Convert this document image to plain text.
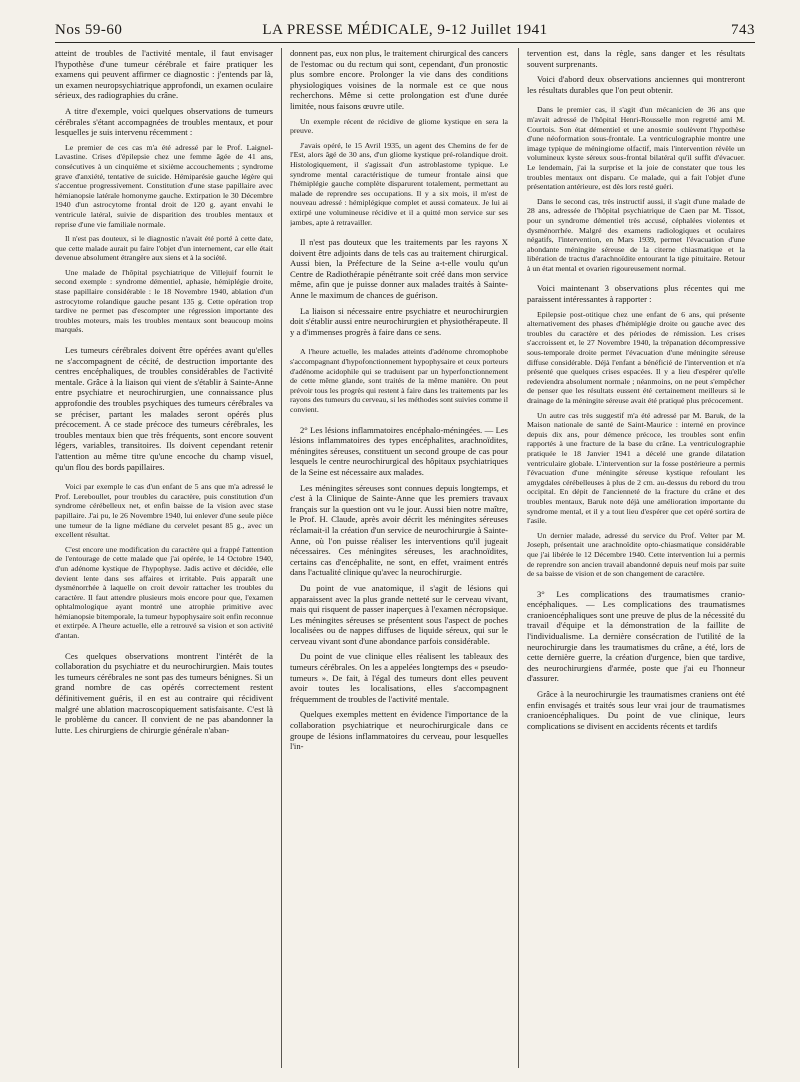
Nos 59-60	LA PRESSE MÉDICALE, 9-12 Juillet 1941	743

atteint de troubles de l'activité mentale, il faut envisager l'hypothèse d'une tumeur cérébrale et faire pratiquer les examens qui peuvent affirmer ce diagnostic : j'entends par là, un examen neuropsychiatrique approfondi, un examen oculaire sérieux, des radiographies du crâne.

A titre d'exemple, voici quelques observations de tumeurs cérébrales s'étant accompagnées de troubles mentaux, et pour lesquelles je suis intervenu récemment :

Le premier de ces cas m'a été adressé par le Prof. Laignel-Lavastine. Crises d'épilepsie chez une femme âgée de 41 ans, consécutives à un cinquième et sixième accouchements ; syndrome grave d'anxiété, tentative de suicide. Hémiparésie gauche légère qui s'accentue progressivement. Constitution d'une stase papillaire avec hémianopsie latérale homonyme gauche. Extirpation le 30 Décembre 1940 d'un astrocytome frontal droit de 120 g. ayant envahi le ventricule latéral, suivie de disparition des troubles mentaux et reprise d'une vie familiale normale.

Il n'est pas douteux, si le diagnostic n'avait été porté à cette date, que cette malade aurait pu faire l'objet d'un internement, car elle était devenue absolument étrangère aux siens et à la société.

Une malade de l'hôpital psychiatrique de Villejuif fournit le second exemple : syndrome démentiel, aphasie, hémiplégie droite, stase papillaire considérable : le 18 Novembre 1940, ablation d'un astrocytome rolandique gauche pesant 135 g. Cette opération trop tardive ne permet pas d'escompter une régression importante des troubles moteurs, mais les troubles mentaux sont beaucoup moins marqués.

Les tumeurs cérébrales doivent être opérées avant qu'elles ne s'accompagnent de cécité, de destruction importante des centres encéphaliques, de troubles considérables de l'activité mentale. Grâce à la liaison qui vient de s'établir à Sainte-Anne entre psychiatre et neurochirurgien, une connaissance plus approfondie des troubles psychiques des tumeurs cérébrales va se préciser, partant les malades seront opérés plus précocement. A ce stade précoce des tumeurs cérébrales, les troubles mentaux bien que très fréquents, sont encore souvent légers, variables, transitoires. Ils doivent cependant retenir l'attention au même titre qu'une encoche du champ visuel, qu'un flou des bords papillaires.

Voici par exemple le cas d'un enfant de 5 ans que m'a adressé le Prof. Lereboullet, pour troubles du caractère, puis constitution d'un syndrome cérébelleux net, et enfin baisse de la vision avec stase papillaire. J'ai pu, le 26 Novembre 1940, lui enlever d'une seule pièce une tumeur de la ligne médiane du cervelet pesant 85 g., avec un excellent résultat.

C'est encore une modification du caractère qui a frappé l'attention de l'entourage de cette malade que j'ai opérée, le 14 Octobre 1940, d'un adénome kystique de l'hypophyse. Jadis active et décidée, elle devient lente dans ses affaires et irritable. Puis apparaît une dysménorrhée à laquelle on croit devoir rattacher les troubles du caractère. Il faut attendre plusieurs mois encore pour que, l'examen ophtalmologique ayant montré une atrophie primitive avec hémianopsie bitemporale, la tumeur hypophysaire soit enfin reconnue et extirpée. A l'heure actuelle, elle a retrouvé sa vision et son activité d'antan.

Ces quelques observations montrent l'intérêt de la collaboration du psychiatre et du neurochirurgien. Mais toutes les tumeurs cérébrales ne sont pas des tumeurs bénignes. Si un grand nombre de cas opérés correctement restent définitivement guéris, il en est au contraire qui récidivent malgré une ablation macroscopiquement satisfaisante. C'est là le problème du cancer. Il convient de ne pas abandonner la lutte. Les chirurgiens de chirurgie générale n'aban-

donnent pas, eux non plus, le traitement chirurgical des cancers de l'estomac ou du rectum qui sont, cependant, d'un pronostic plus sombre encore. Prolonger la vie dans des conditions physiologiques voisines de la normale est ce que nous recherchons. Même si cette prolongation est d'une durée limitée, nous faisons œuvre utile.

Un exemple récent de récidive de gliome kystique en sera la preuve.

J'avais opéré, le 15 Avril 1935, un agent des Chemins de fer de l'Est, alors âgé de 30 ans, d'un gliome kystique pré-rolandique droit. Histologiquement, il s'agissait d'un astroblastome typique. Le syndrome mental caractéristique de tumeur frontale ainsi que l'hémiplégie gauche complète disparurent totalement, permettant au malade de reprendre ses occupations. Il y a six mois, il m'est de nouveau adressé : hémiplégique complet et aussi comateux. Je lui ai extirpé une volumineuse récidive et il a quitté mon service sur ses jambes, apte à retravailler.

Il n'est pas douteux que les traitements par les rayons X doivent être adjoints dans de tels cas au traitement chirurgical. Aussi bien, la Préfecture de la Seine a-t-elle voulu qu'un Centre de Radiothérapie pénétrante soit créé dans mon service même, afin que je puisse donner aux malades traités à Sainte-Anne le maximum de chances de guérison.

La liaison si nécessaire entre psychiatre et neurochirurgien doit s'établir aussi entre neurochirurgien et physiothérapeute. Il y a d'immenses progrès à faire dans ce sens.

A l'heure actuelle, les malades atteints d'adénome chromophobe s'accompagnant d'hypofonctionnement hypophysaire et ceux porteurs d'adénome acidophile qui se traduisent par un hyperfonctionnement de cette même glande, sont traités de la même manière. On peut prévoir tous les progrès qui restent à faire dans les traitements par les rayons des tumeurs du cerveau, si les méthodes sont suivies comme il convient.

2° Les lésions inflammatoires encéphalo-méningées. — Les lésions inflammatoires des types encéphalites, arachnoïdites, méningites séreuses, constituent un second groupe de cas pour lesquels le centre neurochirurgical des hôpitaux psychiatriques de la Seine est nécessaire aux malades.

Les méningites séreuses sont connues depuis longtemps, et c'est à la Clinique de Sainte-Anne que les premiers travaux français sur la question ont vu le jour. Aussi bien notre maître, le Prof. H. Claude, après avoir décrit les méningites séreuses réclamait-il la création d'un service de neurochirurgie à Sainte-Anne, où l'on puisse réaliser les interventions qu'il jugeait nécessaires. Ces méningites séreuses, les arachnoïdites, certains cas d'encéphalite, ne sont, en effet, vraiment entrés dans l'actualité clinique qu'avec la neurochirurgie.

Du point de vue anatomique, il s'agit de lésions qui apparaissent avec la plus grande netteté sur le cerveau vivant, mais qui risquent de passer inaperçues à l'examen nécropsique. Les méningites séreuses se présentent sous l'aspect de poches localisées ou de nappes diffuses de liquide séreux, qui sur le cerveau vivant sont d'une abondance parfois considérable.

Du point de vue clinique elles réalisent les tableaux des tumeurs cérébrales. On les a appelées longtemps des « pseudo-tumeurs ». De fait, à l'égal des tumeurs dont elles peuvent avoir toutes les localisations, elles s'accompagnent fréquemment de troubles de l'activité mentale.

Quelques exemples mettent en évidence l'importance de la collaboration psychiatrique et neurochirurgicale dans ce groupe de lésions inflammatoires du cerveau, pour lesquelles l'in-

tervention est, dans la règle, sans danger et les résultats souvent surprenants.

Voici d'abord deux observations anciennes qui montreront les résultats durables que l'on peut obtenir.

Dans le premier cas, il s'agit d'un mécanicien de 36 ans que m'avait adressé de l'hôpital Henri-Rousselle mon regretté ami M. Courtois. Son état démentiel et une anosmie soulèvent l'hypothèse d'une néoformation sous-frontale. La ventriculographie montre une image typique de méningiome olfactif, mais l'intervention révèle un volumineux kyste séreux sous-frontal bilatéral qu'il suffit d'évacuer. Le lendemain, j'ai la surprise et la joie de constater que tous les troubles mentaux ont disparu. Ce malade, qui a fait l'objet d'une présentation antérieure, est dès lors resté guéri.

Dans le second cas, très instructif aussi, il s'agit d'une malade de 28 ans, adressée de l'hôpital psychiatrique de Caen par M. Tissot, pour un syndrome démentiel très accusé, céphalées violentes et dysménorrhée. Malgré des examens radiologiques et oculaires négatifs, l'intervention, en Mars 1939, permet l'évacuation d'une abondante méningite séreuse de la citerne chiasmatique et la libération de tractus d'arachnoïdite entourant la tige pituitaire. Retour à un état mental et ovarien rigoureusement normal.

Voici maintenant 3 observations plus récentes qui me paraissent intéressantes à rapporter :

Epilepsie post-otitique chez une enfant de 6 ans, qui présente alternativement des phases d'hémiplégie droite ou gauche avec des troubles du caractère et des périodes de rémission. Les crises s'accroissent et, le 27 Novembre 1940, la trépanation décompressive sous-temporale droite permet l'évacuation d'une méningite séreuse diffuse considérable. Déjà l'enfant a bénéficié de l'intervention et n'a présenté que quelques crises espacées. Il y a lieu d'espérer qu'elle redeviendra absolument normale ; néanmoins, on ne peut s'empêcher de penser que les résultats eussent été certainement meilleurs si le drainage de la méningite séreuse avait été pratiqué plus précocement.

Un autre cas très suggestif m'a été adressé par M. Baruk, de la Maison nationale de santé de Saint-Maurice : interné en province depuis dix ans, pour démence précoce, les troubles sont enfin rapportés à une fracture de la base du crâne. La ventriculographie pratiquée le 18 Janvier 1941 a décelé une grande dilatation ventriculaire globale. L'intervention sur la fosse postérieure a permis l'évacuation d'une méningite séreuse kystique refoulant les amygdales cérébelleuses à plus de 2 cm. au-dessus du rebord du trou occipital. En dépit de l'ancienneté de la fracture du crâne et des troubles mentaux, Baruk note déjà une amélioration importante du syndrome mental, et il y a tout lieu d'espérer que cet opéré sortira de l'asile.

Un dernier malade, adressé du service du Prof. Velter par M. Joseph, présentait une arachnoïdite opto-chiasmatique considérable que j'ai libérée le 12 Décembre 1940. Cette intervention lui a permis de reprendre son ancien travail abandonné depuis neuf mois par suite de sa baisse de vision et de son changement de caractère.

3° Les complications des traumatismes cranio-encéphaliques. — Les complications des traumatismes cranioencéphaliques sont une preuve de plus de la nécessité du travail d'équipe et la démonstration de la faillite de l'individualisme. La dernière consécration de l'utilité de la neurochirurgie dans les traumatismes du crâne, a été, lors de cette dernière guerre, la création d'urgence, bien que tardive, des neurochirurgiens d'armée, poste que j'ai eu l'honneur d'assurer.

Grâce à la neurochirurgie les traumatismes craniens ont été enfin envisagés et traités sous leur vrai jour de traumatismes cranioencéphaliques. Du point de vue clinique, leurs complications se divisent en accidents récents et tardifs
